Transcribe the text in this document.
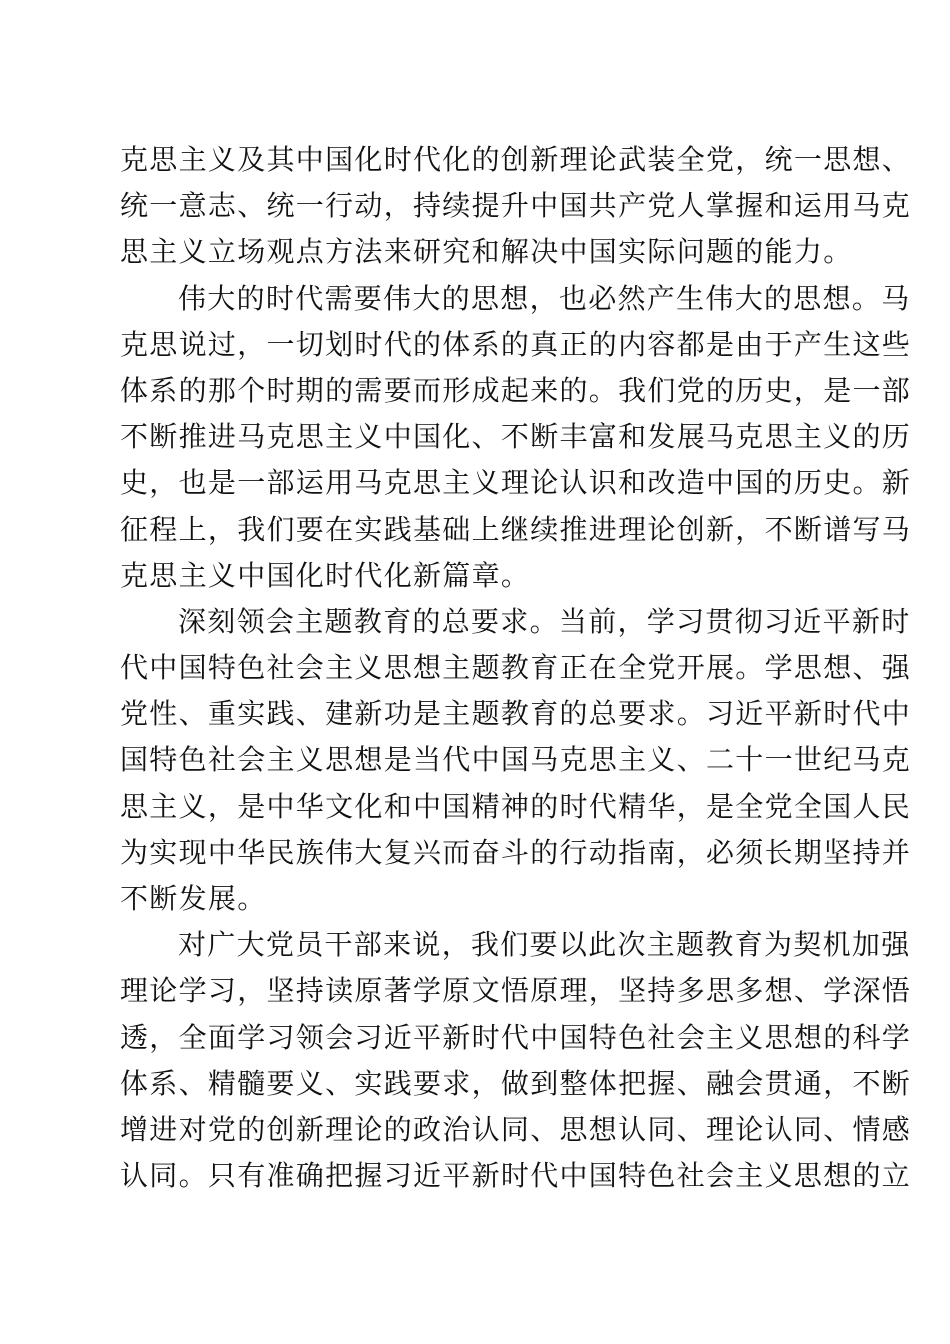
克思主义及其中国化时代化的创新理论武装全党，统一思想、
统一意志、统一行动，持续提升中国共产党人掌握和运用马克
思主义立场观点方法来研究和解决中国实际问题的能力。
伟大的时代需要伟大的思想，也必然产生伟大的思想。马
克思说过，一切划时代的体系的真正的内容都是由于产生这些
体系的那个时期的需要而形成起来的。我们党的历史，是一部
不断推进马克思主义中国化、不断丰富和发展马克思主义的历
史，也是一部运用马克思主义理论认识和改造中国的历史。新
征程上，我们要在实践基础上继续推进理论创新，不断谱写马
克思主义中国化时代化新篇章。
深刻领会主题教育的总要求。当前，学习贯彻习近平新时
代中国特色社会主义思想主题教育正在全党开展。学思想、强
党性、重实践、建新功是主题教育的总要求。习近平新时代中
国特色社会主义思想是当代中国马克思主义、二十一世纪马克
思主义，是中华文化和中国精神的时代精华，是全党全国人民
为实现中华民族伟大复兴而奋斗的行动指南，必须长期坚持并
不断发展。
对广大党员干部来说，我们要以此次主题教育为契机加强
理论学习，坚持读原著学原文悟原理，坚持多思多想、学深悟
透，全面学习领会习近平新时代中国特色社会主义思想的科学
体系、精髓要义、实践要求，做到整体把握、融会贯通，不断
增进对党的创新理论的政治认同、思想认同、理论认同、情感
认同。只有准确把握习近平新时代中国特色社会主义思想的立
